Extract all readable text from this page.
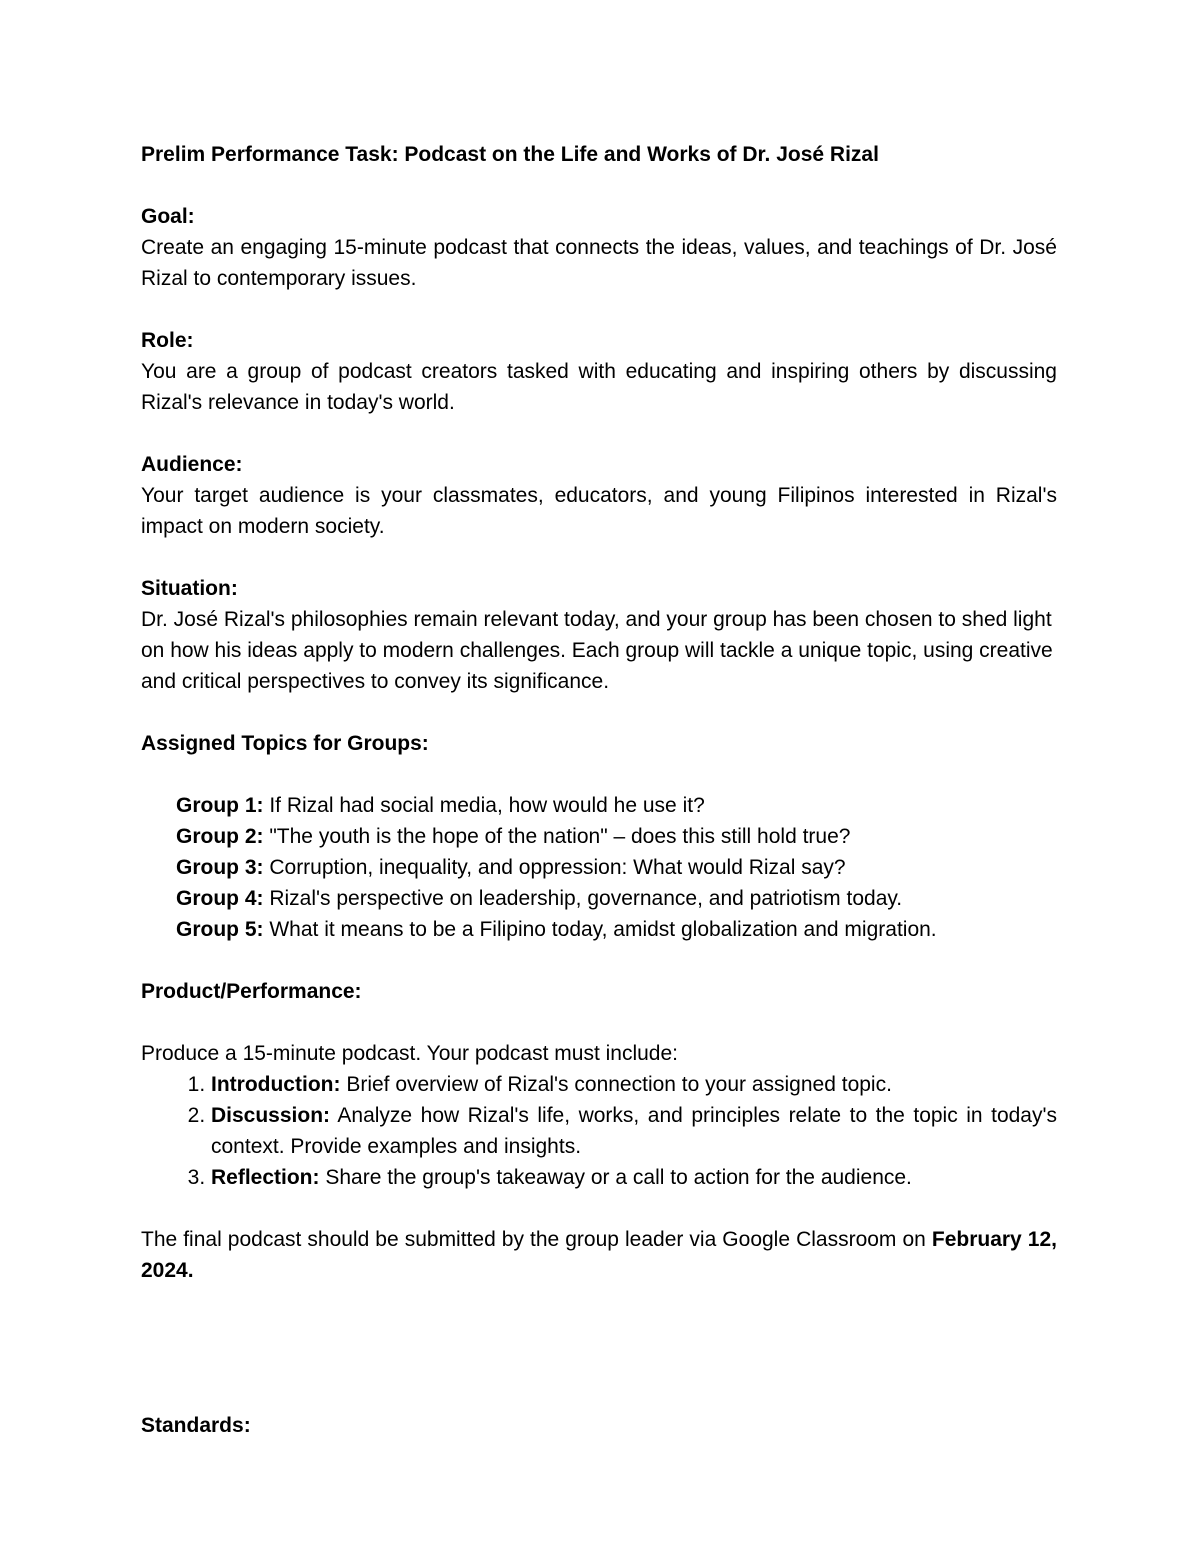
Prelim Performance Task: Podcast on the Life and Works of Dr. José Rizal

Goal:
Create an engaging 15-minute podcast that connects the ideas, values, and teachings of Dr. José Rizal to contemporary issues.
Role:
You are a group of podcast creators tasked with educating and inspiring others by discussing Rizal's relevance in today's world.
Audience:
Your target audience is your classmates, educators, and young Filipinos interested in Rizal's impact on modern society.
Situation:
Dr. José Rizal's philosophies remain relevant today, and your group has been chosen to shed light on how his ideas apply to modern challenges. Each group will tackle a unique topic, using creative and critical perspectives to convey its significance.
Assigned Topics for Groups:
Group 1: If Rizal had social media, how would he use it?
Group 2: "The youth is the hope of the nation" – does this still hold true?
Group 3: Corruption, inequality, and oppression: What would Rizal say?
Group 4: Rizal's perspective on leadership, governance, and patriotism today.
Group 5: What it means to be a Filipino today, amidst globalization and migration.
Product/Performance:
Produce a 15-minute podcast. Your podcast must include:
1. Introduction: Brief overview of Rizal's connection to your assigned topic.
2. Discussion: Analyze how Rizal's life, works, and principles relate to the topic in today's context. Provide examples and insights.
3. Reflection: Share the group's takeaway or a call to action for the audience.
The final podcast should be submitted by the group leader via Google Classroom on February 12, 2024.
Standards:
